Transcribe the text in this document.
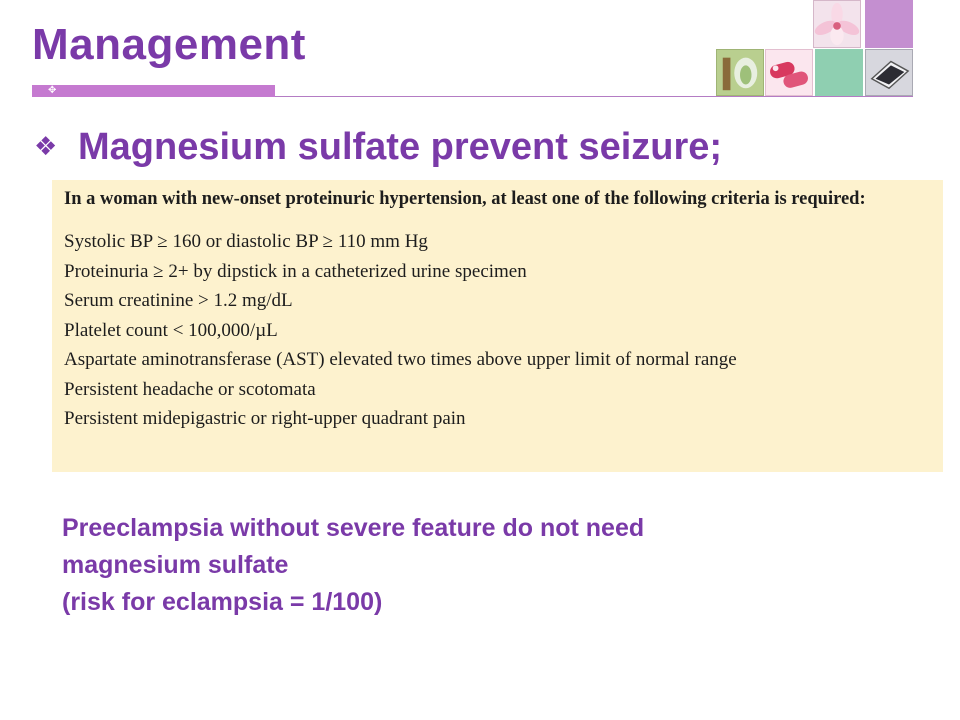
Management
✥
❖ Magnesium sulfate prevent seizure;

In a woman with new-onset proteinuric hypertension, at least one of the following criteria is required:

Systolic BP ≥ 160 or diastolic BP ≥ 110 mm Hg
Proteinuria ≥ 2+ by dipstick in a catheterized urine specimen
Serum creatinine > 1.2 mg/dL
Platelet count < 100,000/µL
Aspartate aminotransferase (AST) elevated two times above upper limit of normal range
Persistent headache or scotomata
Persistent midepigastric or right-upper quadrant pain
Preeclampsia without severe feature do not need
magnesium sulfate
(risk for eclampsia = 1/100)
